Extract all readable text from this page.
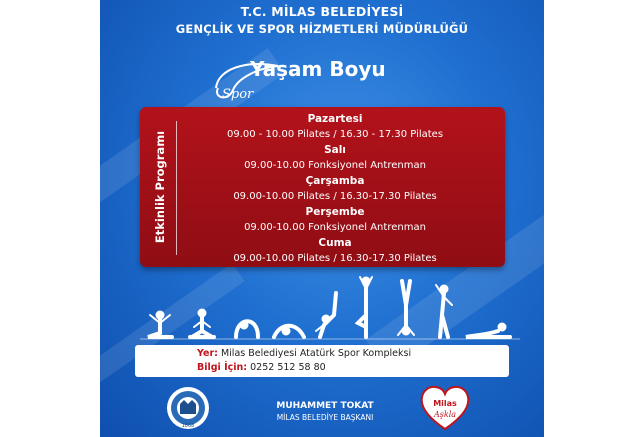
T.C. MİLAS BELEDİYESİ
GENÇLİK VE SPOR HİZMETLERİ MÜDÜRLÜĞÜ
Spor
Yaşam Boyu
Etkinlik Programı
Pazartesi
09.00 - 10.00 Pilates / 16.30 - 17.30 Pilates
Salı
09.00-10.00 Fonksiyonel Antrenman
Çarşamba
09.00-10.00 Pilates / 16.30-17.30 Pilates
Perşembe
09.00-10.00 Fonksiyonel Antrenman
Cuma
09.00-10.00 Pilates / 16.30-17.30 Pilates
Yer: Milas Belediyesi Atatürk Spor Kompleksi
Bilgi İçin: 0252 512 58 80
1868
MUHAMMET TOKAT
MİLAS BELEDİYE BAŞKANI
Milas
Aşkla
